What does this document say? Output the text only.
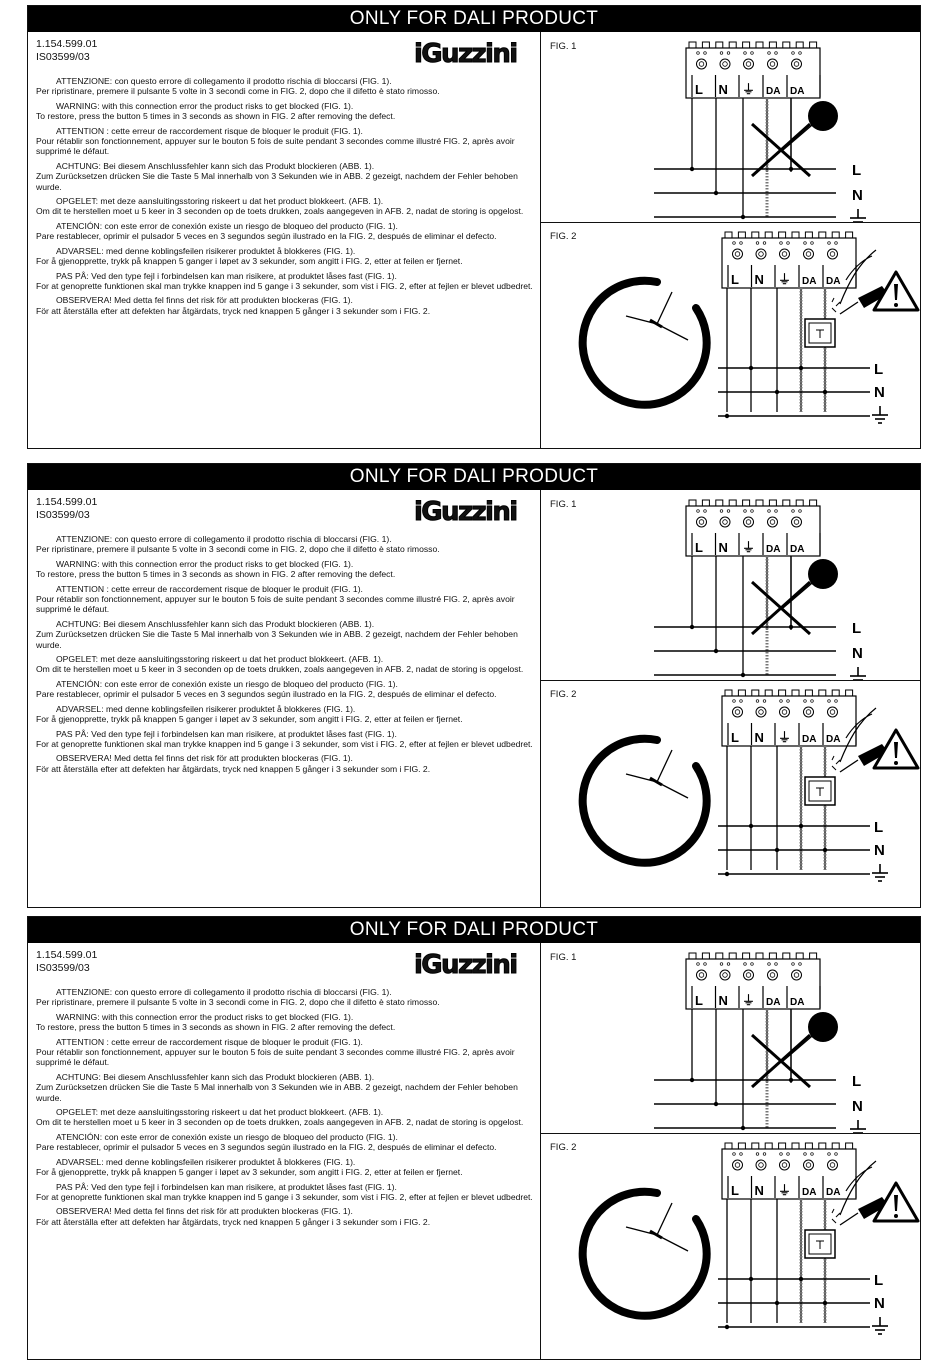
ONLY FOR DALI PRODUCT
1.154.599.01
IS03599/03	iGuzzini
ATTENZIONE: con questo errore di collegamento il prodotto rischia di bloccarsi (FIG. 1).
Per ripristinare, premere il pulsante 5 volte in 3 secondi come in FIG. 2, dopo che il difetto è stato rimosso.
WARNING: with this connection error the product risks to get blocked (FIG. 1).
To restore, press the button 5 times in 3 seconds as shown in FIG. 2 after removing the defect.
ATTENTION : cette erreur de raccordement risque de bloquer le produit (FIG. 1).
Pour rétablir son fonctionnement, appuyer sur le bouton 5 fois de suite pendant 3 secondes comme illustré FIG. 2, après avoir supprimé le défaut.
ACHTUNG: Bei diesem Anschlussfehler kann sich das Produkt blockieren (ABB. 1).
Zum Zurücksetzen drücken Sie die Taste 5 Mal innerhalb von 3 Sekunden wie in ABB. 2 gezeigt, nachdem der Fehler behoben wurde.
OPGELET: met deze aansluitingsstoring riskeert u dat het product blokkeert. (AFB. 1).
Om dit te herstellen moet u 5 keer in 3 seconden op de toets drukken, zoals aangegeven in AFB. 2, nadat de storing is opgelost.
ATENCIÓN: con este error de conexión existe un riesgo de bloqueo del producto (FIG. 1).
Pare restablecer, oprimir el pulsador 5 veces en 3 segundos según ilustrado en la FIG. 2, después de eliminar el defecto.
ADVARSEL: med denne koblingsfeilen risikerer produktet å blokkeres (FIG. 1).
For å gjenopprette, trykk på knappen 5 ganger i løpet av 3 sekunder, som angitt i FIG. 2, etter at feilen er fjernet.
PAS PÅ: Ved den type fejl i forbindelsen kan man risikere, at produktet låses fast (FIG. 1).
For at genoprette funktionen skal man trykke knappen ind 5 gange i 3 sekunder, som vist i FIG. 2, efter at fejlen er blevet udbedret.
OBSERVERA! Med detta fel finns det risk för att produkten blockeras (FIG. 1).
För att återställa efter att defekten har åtgärdats, tryck ned knappen 5 gånger i 3 sekunder som i FIG. 2.
L N ⏚ DA DA
L
N
FIG. 1
L N ⏚ DA DA
L
N
FIG. 2
ONLY FOR DALI PRODUCT
1.154.599.01
IS03599/03	iGuzzini
ATTENZIONE: con questo errore di collegamento il prodotto rischia di bloccarsi (FIG. 1).
Per ripristinare, premere il pulsante 5 volte in 3 secondi come in FIG. 2, dopo che il difetto è stato rimosso.
WARNING: with this connection error the product risks to get blocked (FIG. 1).
To restore, press the button 5 times in 3 seconds as shown in FIG. 2 after removing the defect.
ATTENTION : cette erreur de raccordement risque de bloquer le produit (FIG. 1).
Pour rétablir son fonctionnement, appuyer sur le bouton 5 fois de suite pendant 3 secondes comme illustré FIG. 2, après avoir supprimé le défaut.
ACHTUNG: Bei diesem Anschlussfehler kann sich das Produkt blockieren (ABB. 1).
Zum Zurücksetzen drücken Sie die Taste 5 Mal innerhalb von 3 Sekunden wie in ABB. 2 gezeigt, nachdem der Fehler behoben wurde.
OPGELET: met deze aansluitingsstoring riskeert u dat het product blokkeert. (AFB. 1).
Om dit te herstellen moet u 5 keer in 3 seconden op de toets drukken, zoals aangegeven in AFB. 2, nadat de storing is opgelost.
ATENCIÓN: con este error de conexión existe un riesgo de bloqueo del producto (FIG. 1).
Pare restablecer, oprimir el pulsador 5 veces en 3 segundos según ilustrado en la FIG. 2, después de eliminar el defecto.
ADVARSEL: med denne koblingsfeilen risikerer produktet å blokkeres (FIG. 1).
For å gjenopprette, trykk på knappen 5 ganger i løpet av 3 sekunder, som angitt i FIG. 2, etter at feilen er fjernet.
PAS PÅ: Ved den type fejl i forbindelsen kan man risikere, at produktet låses fast (FIG. 1).
For at genoprette funktionen skal man trykke knappen ind 5 gange i 3 sekunder, som vist i FIG. 2, efter at fejlen er blevet udbedret.
OBSERVERA! Med detta fel finns det risk för att produkten blockeras (FIG. 1).
För att återställa efter att defekten har åtgärdats, tryck ned knappen 5 gånger i 3 sekunder som i FIG. 2.
L N ⏚ DA DA
L
N
FIG. 1
L N ⏚ DA DA
L
N
FIG. 2
ONLY FOR DALI PRODUCT
1.154.599.01
IS03599/03	iGuzzini
ATTENZIONE: con questo errore di collegamento il prodotto rischia di bloccarsi (FIG. 1).
Per ripristinare, premere il pulsante 5 volte in 3 secondi come in FIG. 2, dopo che il difetto è stato rimosso.
WARNING: with this connection error the product risks to get blocked (FIG. 1).
To restore, press the button 5 times in 3 seconds as shown in FIG. 2 after removing the defect.
ATTENTION : cette erreur de raccordement risque de bloquer le produit (FIG. 1).
Pour rétablir son fonctionnement, appuyer sur le bouton 5 fois de suite pendant 3 secondes comme illustré FIG. 2, après avoir supprimé le défaut.
ACHTUNG: Bei diesem Anschlussfehler kann sich das Produkt blockieren (ABB. 1).
Zum Zurücksetzen drücken Sie die Taste 5 Mal innerhalb von 3 Sekunden wie in ABB. 2 gezeigt, nachdem der Fehler behoben wurde.
OPGELET: met deze aansluitingsstoring riskeert u dat het product blokkeert. (AFB. 1).
Om dit te herstellen moet u 5 keer in 3 seconden op de toets drukken, zoals aangegeven in AFB. 2, nadat de storing is opgelost.
ATENCIÓN: con este error de conexión existe un riesgo de bloqueo del producto (FIG. 1).
Pare restablecer, oprimir el pulsador 5 veces en 3 segundos según ilustrado en la FIG. 2, después de eliminar el defecto.
ADVARSEL: med denne koblingsfeilen risikerer produktet å blokkeres (FIG. 1).
For å gjenopprette, trykk på knappen 5 ganger i løpet av 3 sekunder, som angitt i FIG. 2, etter at feilen er fjernet.
PAS PÅ: Ved den type fejl i forbindelsen kan man risikere, at produktet låses fast (FIG. 1).
For at genoprette funktionen skal man trykke knappen ind 5 gange i 3 sekunder, som vist i FIG. 2, efter at fejlen er blevet udbedret.
OBSERVERA! Med detta fel finns det risk för att produkten blockeras (FIG. 1).
För att återställa efter att defekten har åtgärdats, tryck ned knappen 5 gånger i 3 sekunder som i FIG. 2.
L N ⏚ DA DA
L
N
FIG. 1
L N ⏚ DA DA
L
N
FIG. 2
